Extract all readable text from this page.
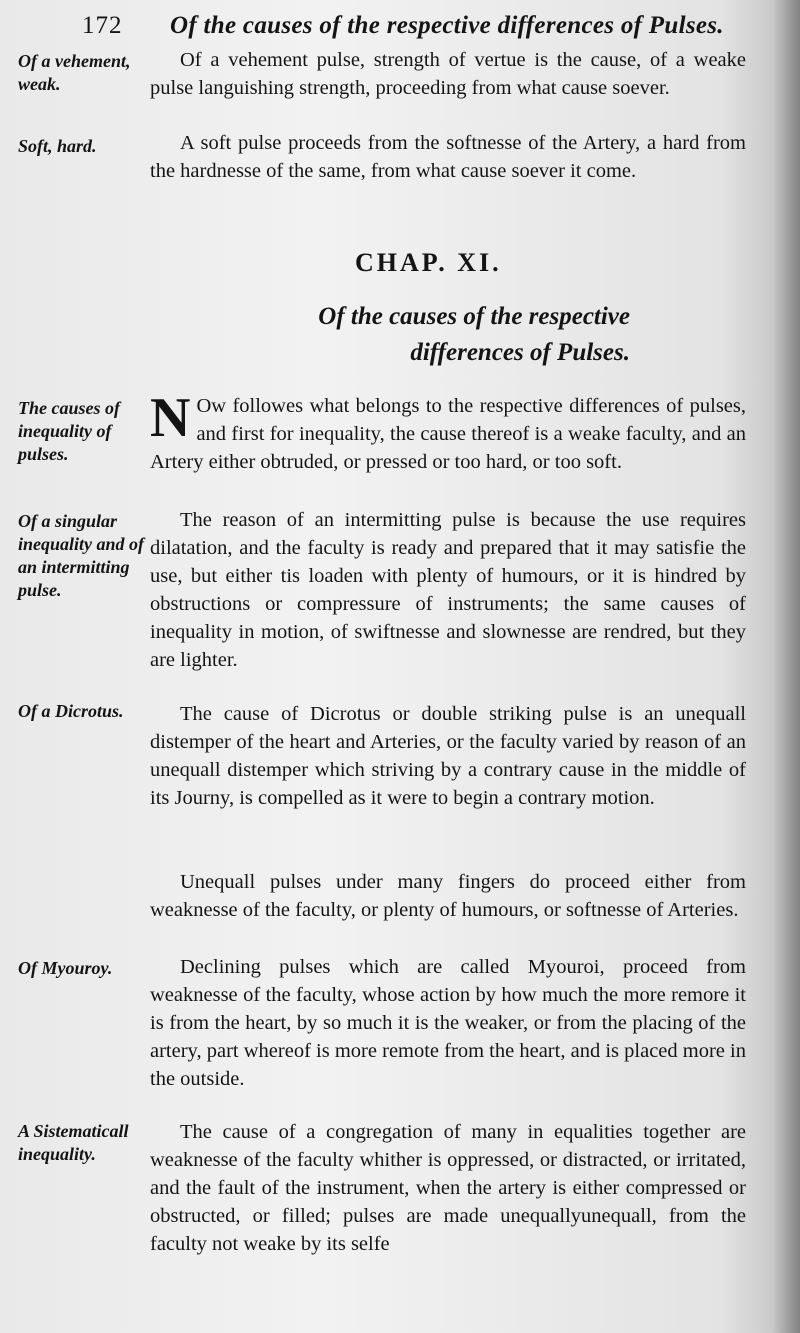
172 Of the causes of the respective differences of Pulses.
Of a vehement, weak.
Of a vehement pulse, strength of vertue is the cause, of a weake pulse languishing strength, proceeding from what cause soever.
Soft, hard.	A soft pulse proceeds from the softnesse of the Artery, a hard from the hardnesse of the same, from what cause soever it come.
CHAP. XI.
Of the causes of the respective
differences of Pulses.
The causes of inequality of pulses.
N Ow followes what belongs to the respective differences of pulses, and first for inequality, the cause thereof is a weake faculty, and an Artery either obtruded, or pressed or too hard, or too soft.
Of a singular inequality and of an intermitting pulse.
The reason of an intermitting pulse is because the use requires dilatation, and the faculty is ready and prepared that it may satisfie the use, but either tis loaden with plenty of humours, or it is hindred by obstructions or compressure of instruments; the same causes of inequality in motion, of swiftnesse and slownesse are rendred, but they are lighter.
Of a Dicrotus.	The cause of Dicrotus or double striking pulse is an unequall distemper of the heart and Arteries, or the faculty varied by reason of an unequall distemper which striving by a contrary cause in the middle of its Journy, is compelled as it were to begin a contrary motion.
Unequall pulses under many fingers do proceed either from weaknesse of the faculty, or plenty of humours, or softnesse of Arteries.
Of Myouroy.	Declining pulses which are called Myouroi, proceed from weaknesse of the faculty, whose action by how much the more remore it is from the heart, by so much it is the weaker, or from the placing of the artery, part whereof is more remote from the heart, and is placed more in the outside.
A Sistematicall inequality.
The cause of a congregation of many in equalities together are weaknesse of the faculty whither is oppressed, or distracted, or irritated, and the fault of the instrument, when the artery is either compressed or obstructed, or filled; pulses are made unequallyunequall, from the faculty not weake by its selfe
